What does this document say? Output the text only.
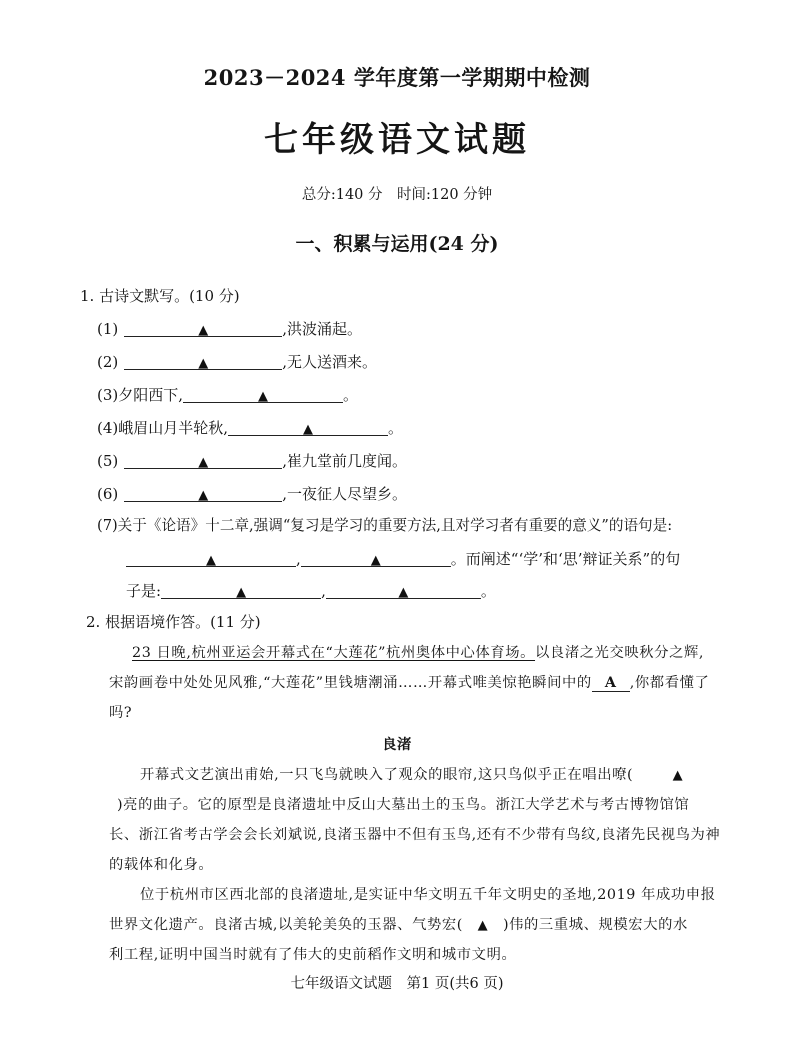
2023－2024 学年度第一学期期中检测
七年级语文试题
总分:140 分　时间:120 分钟
一、积累与运用(24 分)
1. 古诗文默写。(10 分)
(1)	▲	,洪波涌起。
(2)	▲	,无人送酒来。
(3)夕阳西下,	▲	。
(4)峨眉山月半轮秋,	▲	。
(5)	▲	,崔九堂前几度闻。
(6)	▲	,一夜征人尽望乡。
(7)关于《论语》十二章,强调“复习是学习的重要方法,且对学习者有重要的意义”的语句是:
▲	,	▲	。而阐述“‘学’和‘思’辩证关系”的句
子是:	▲	,	▲	。
2. 根据语境作答。(11 分)
23 日晚,杭州亚运会开幕式在“大莲花”杭州奥体中心体育场。以良渚之光交映秋分之辉,
宋韵画卷中处处见风雅,“大莲花”里钱塘潮涌……开幕式唯美惊艳瞬间中的 A ,你都看懂了
吗?
良渚
开幕式文艺演出甫始,一只飞鸟就映入了观众的眼帘,这只鸟似乎正在唱出嘹(	▲
)亮的曲子。它的原型是良渚遗址中反山大墓出土的玉鸟。浙江大学艺术与考古博物馆馆
长、浙江省考古学会会长刘斌说,良渚玉器中不但有玉鸟,还有不少带有鸟纹,良渚先民视鸟为神
的载体和化身。
位于杭州市区西北部的良渚遗址,是实证中华文明五千年文明史的圣地,2019 年成功申报
世界文化遗产。良渚古城,以美轮美奂的玉器、气势宏( ▲ )伟的三重城、规模宏大的水
利工程,证明中国当时就有了伟大的史前稻作文明和城市文明。
七年级语文试题　第1 页(共6 页)
